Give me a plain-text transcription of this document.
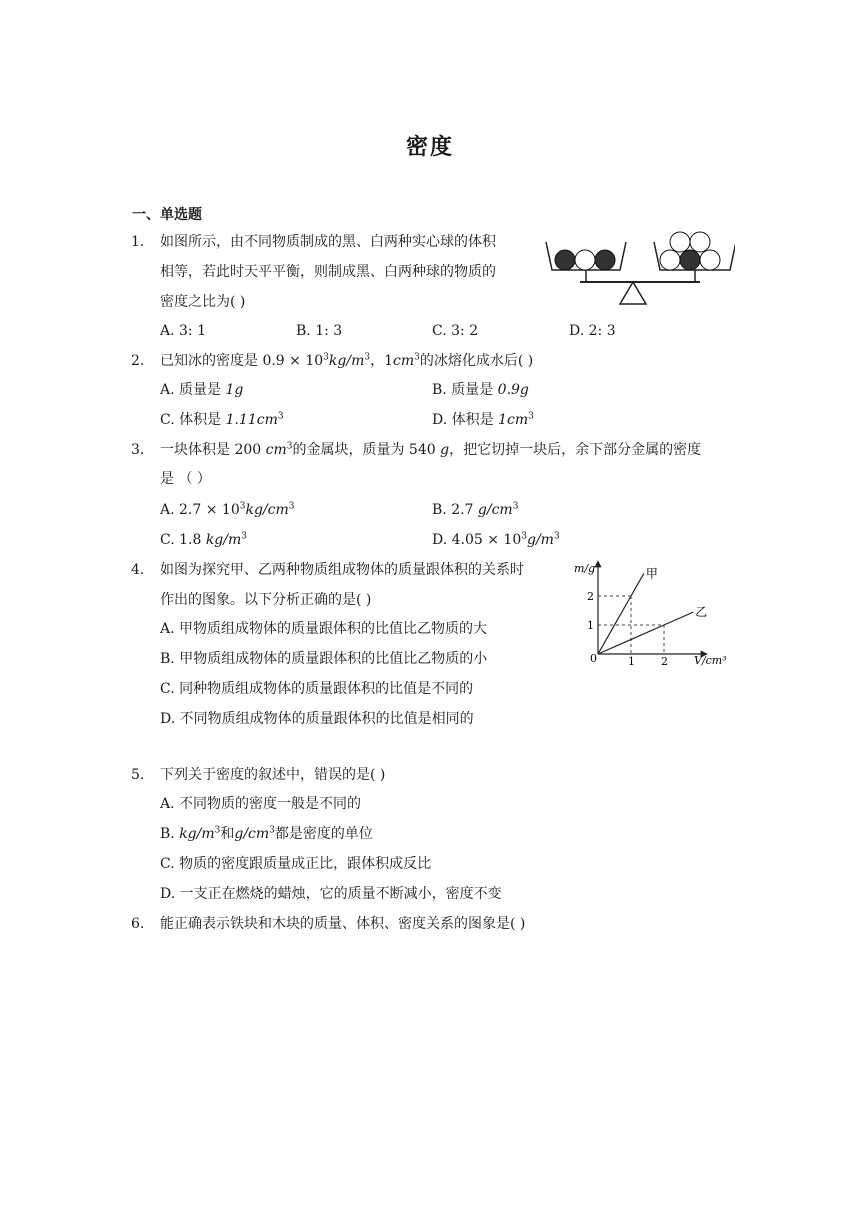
密度
一、单选题
1. 如图所示，由不同物质制成的黑、白两种实心球的体积
相等，若此时天平平衡，则制成黑、白两种球的物质的
密度之比为( )
A. 3: 1	B. 1: 3	C. 3: 2	D. 2: 3
2. 已知冰的密度是 $0.9 \times 10^3kg/m^3$，$1cm^3$的冰熔化成水后( )
A. 质量是 1g	B. 质量是 0.9g
C. 体积是 $1.11cm^3$	D. 体积是 $1cm^3$
3. 一块体积是 200 $cm^3$的金属块，质量为 540 g，把它切掉一块后，余下部分金属的密度
是 （ ）
A. $2.7 \times 10^3kg/cm^3$	B. 2.7 $g/cm^3$
C. 1.8 $kg/m^3$	D. $4.05 \times 10^3g/m^3$
4. 如图为探究甲、乙两种物质组成物体的质量跟体积的关系时
作出的图象。以下分析正确的是( )
m/g
V/cm³
0	1 2
1
2
甲
乙
A. 甲物质组成物体的质量跟体积的比值比乙物质的大
B. 甲物质组成物体的质量跟体积的比值比乙物质的小
C. 同种物质组成物体的质量跟体积的比值是不同的
D. 不同物质组成物体的质量跟体积的比值是相同的
5. 下列关于密度的叙述中，错误的是( )
A. 不同物质的密度一般是不同的
B. $kg/m^3$和$g/cm^3$都是密度的单位
C. 物质的密度跟质量成正比，跟体积成反比
D. 一支正在燃烧的蜡烛，它的质量不断减小，密度不变
6. 能正确表示铁块和木块的质量、体积、密度关系的图象是( )
